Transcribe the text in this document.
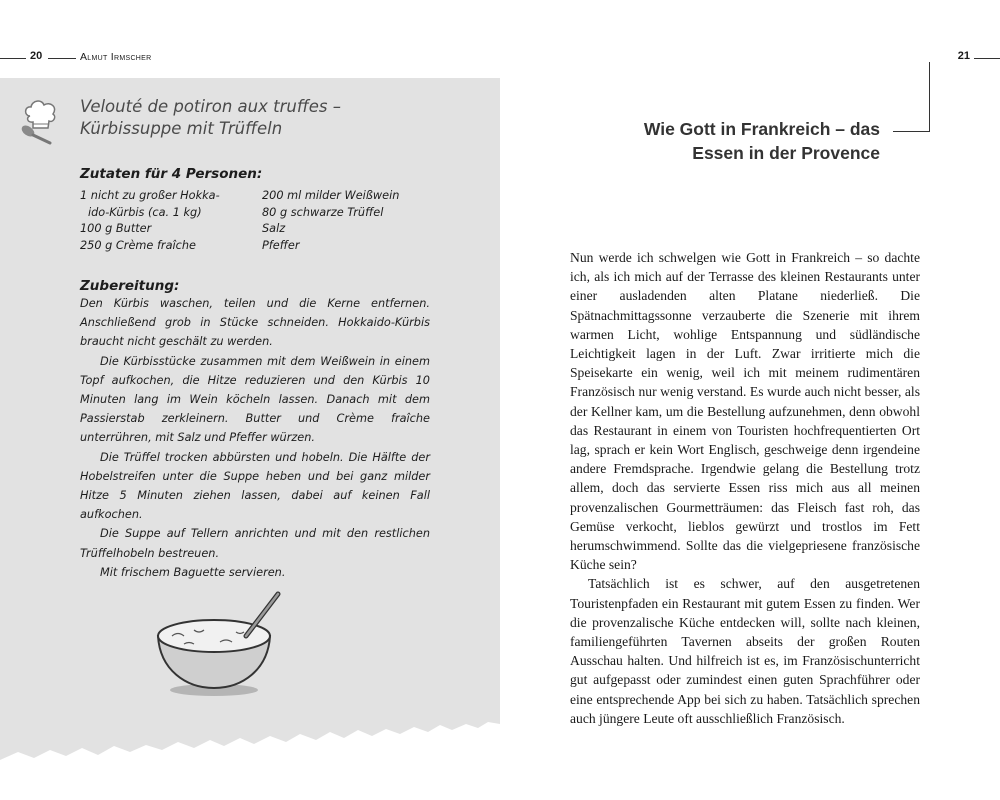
20	Almut Irmscher	21
Velouté de potiron aux truffes –
Kürbissuppe mit Trüffeln
Zutaten für 4 Personen:
1 nicht zu großer Hokka-	200 ml milder Weißwein
ido-Kürbis (ca. 1 kg)	80 g schwarze Trüffel
100 g Butter	Salz
250 g Crème fraîche	Pfeffer
Zubereitung:

Den Kürbis waschen, teilen und die Kerne entfernen. Anschließend grob in Stücke schneiden. Hokkaido-Kürbis braucht nicht geschält zu werden.

Die Kürbisstücke zusammen mit dem Weißwein in einem Topf aufkochen, die Hitze reduzieren und den Kürbis 10 Minuten lang im Wein köcheln lassen. Danach mit dem Passierstab zerkleinern. Butter und Crème fraîche unterrühren, mit Salz und Pfeffer würzen.

Die Trüffel trocken abbürsten und hobeln. Die Hälfte der Hobelstreifen unter die Suppe heben und bei ganz milder Hitze 5 Minuten ziehen lassen, dabei auf keinen Fall aufkochen.

Die Suppe auf Tellern anrichten und mit den restlichen Trüffelhobeln bestreuen.

Mit frischem Baguette servieren.

Wie Gott in Frankreich – das
Essen in der Provence

Nun werde ich schwelgen wie Gott in Frankreich – so dachte ich, als ich mich auf der Terrasse des kleinen Restaurants unter einer ausladenden alten Platane niederließ. Die Spätnachmittagssonne verzauberte die Szenerie mit ihrem warmen Licht, wohlige Entspannung und südländische Leichtigkeit lagen in der Luft. Zwar irritierte mich die Speisekarte ein wenig, weil ich mit meinem rudimentären Französisch nur wenig verstand. Es wurde auch nicht besser, als der Kellner kam, um die Bestellung aufzunehmen, denn obwohl das Restaurant in einem von Touristen hochfrequentierten Ort lag, sprach er kein Wort Englisch, geschweige denn irgendeine andere Fremdsprache. Irgendwie gelang die Bestellung trotz allem, doch das servierte Essen riss mich aus all meinen provenzalischen Gourmetträumen: das Fleisch fast roh, das Gemüse verkocht, lieblos gewürzt und trostlos im Fett herumschwimmend. Sollte das die vielgepriesene französische Küche sein?

Tatsächlich ist es schwer, auf den ausgetretenen Touristenpfaden ein Restaurant mit gutem Essen zu finden. Wer die provenzalische Küche entdecken will, sollte nach kleinen, familiengeführten Tavernen abseits der großen Routen Ausschau halten. Und hilfreich ist es, im Französischunterricht gut aufgepasst oder zumindest einen guten Sprachführer oder eine entsprechende App bei sich zu haben. Tatsächlich sprechen auch jüngere Leute oft ausschließlich Französisch.
